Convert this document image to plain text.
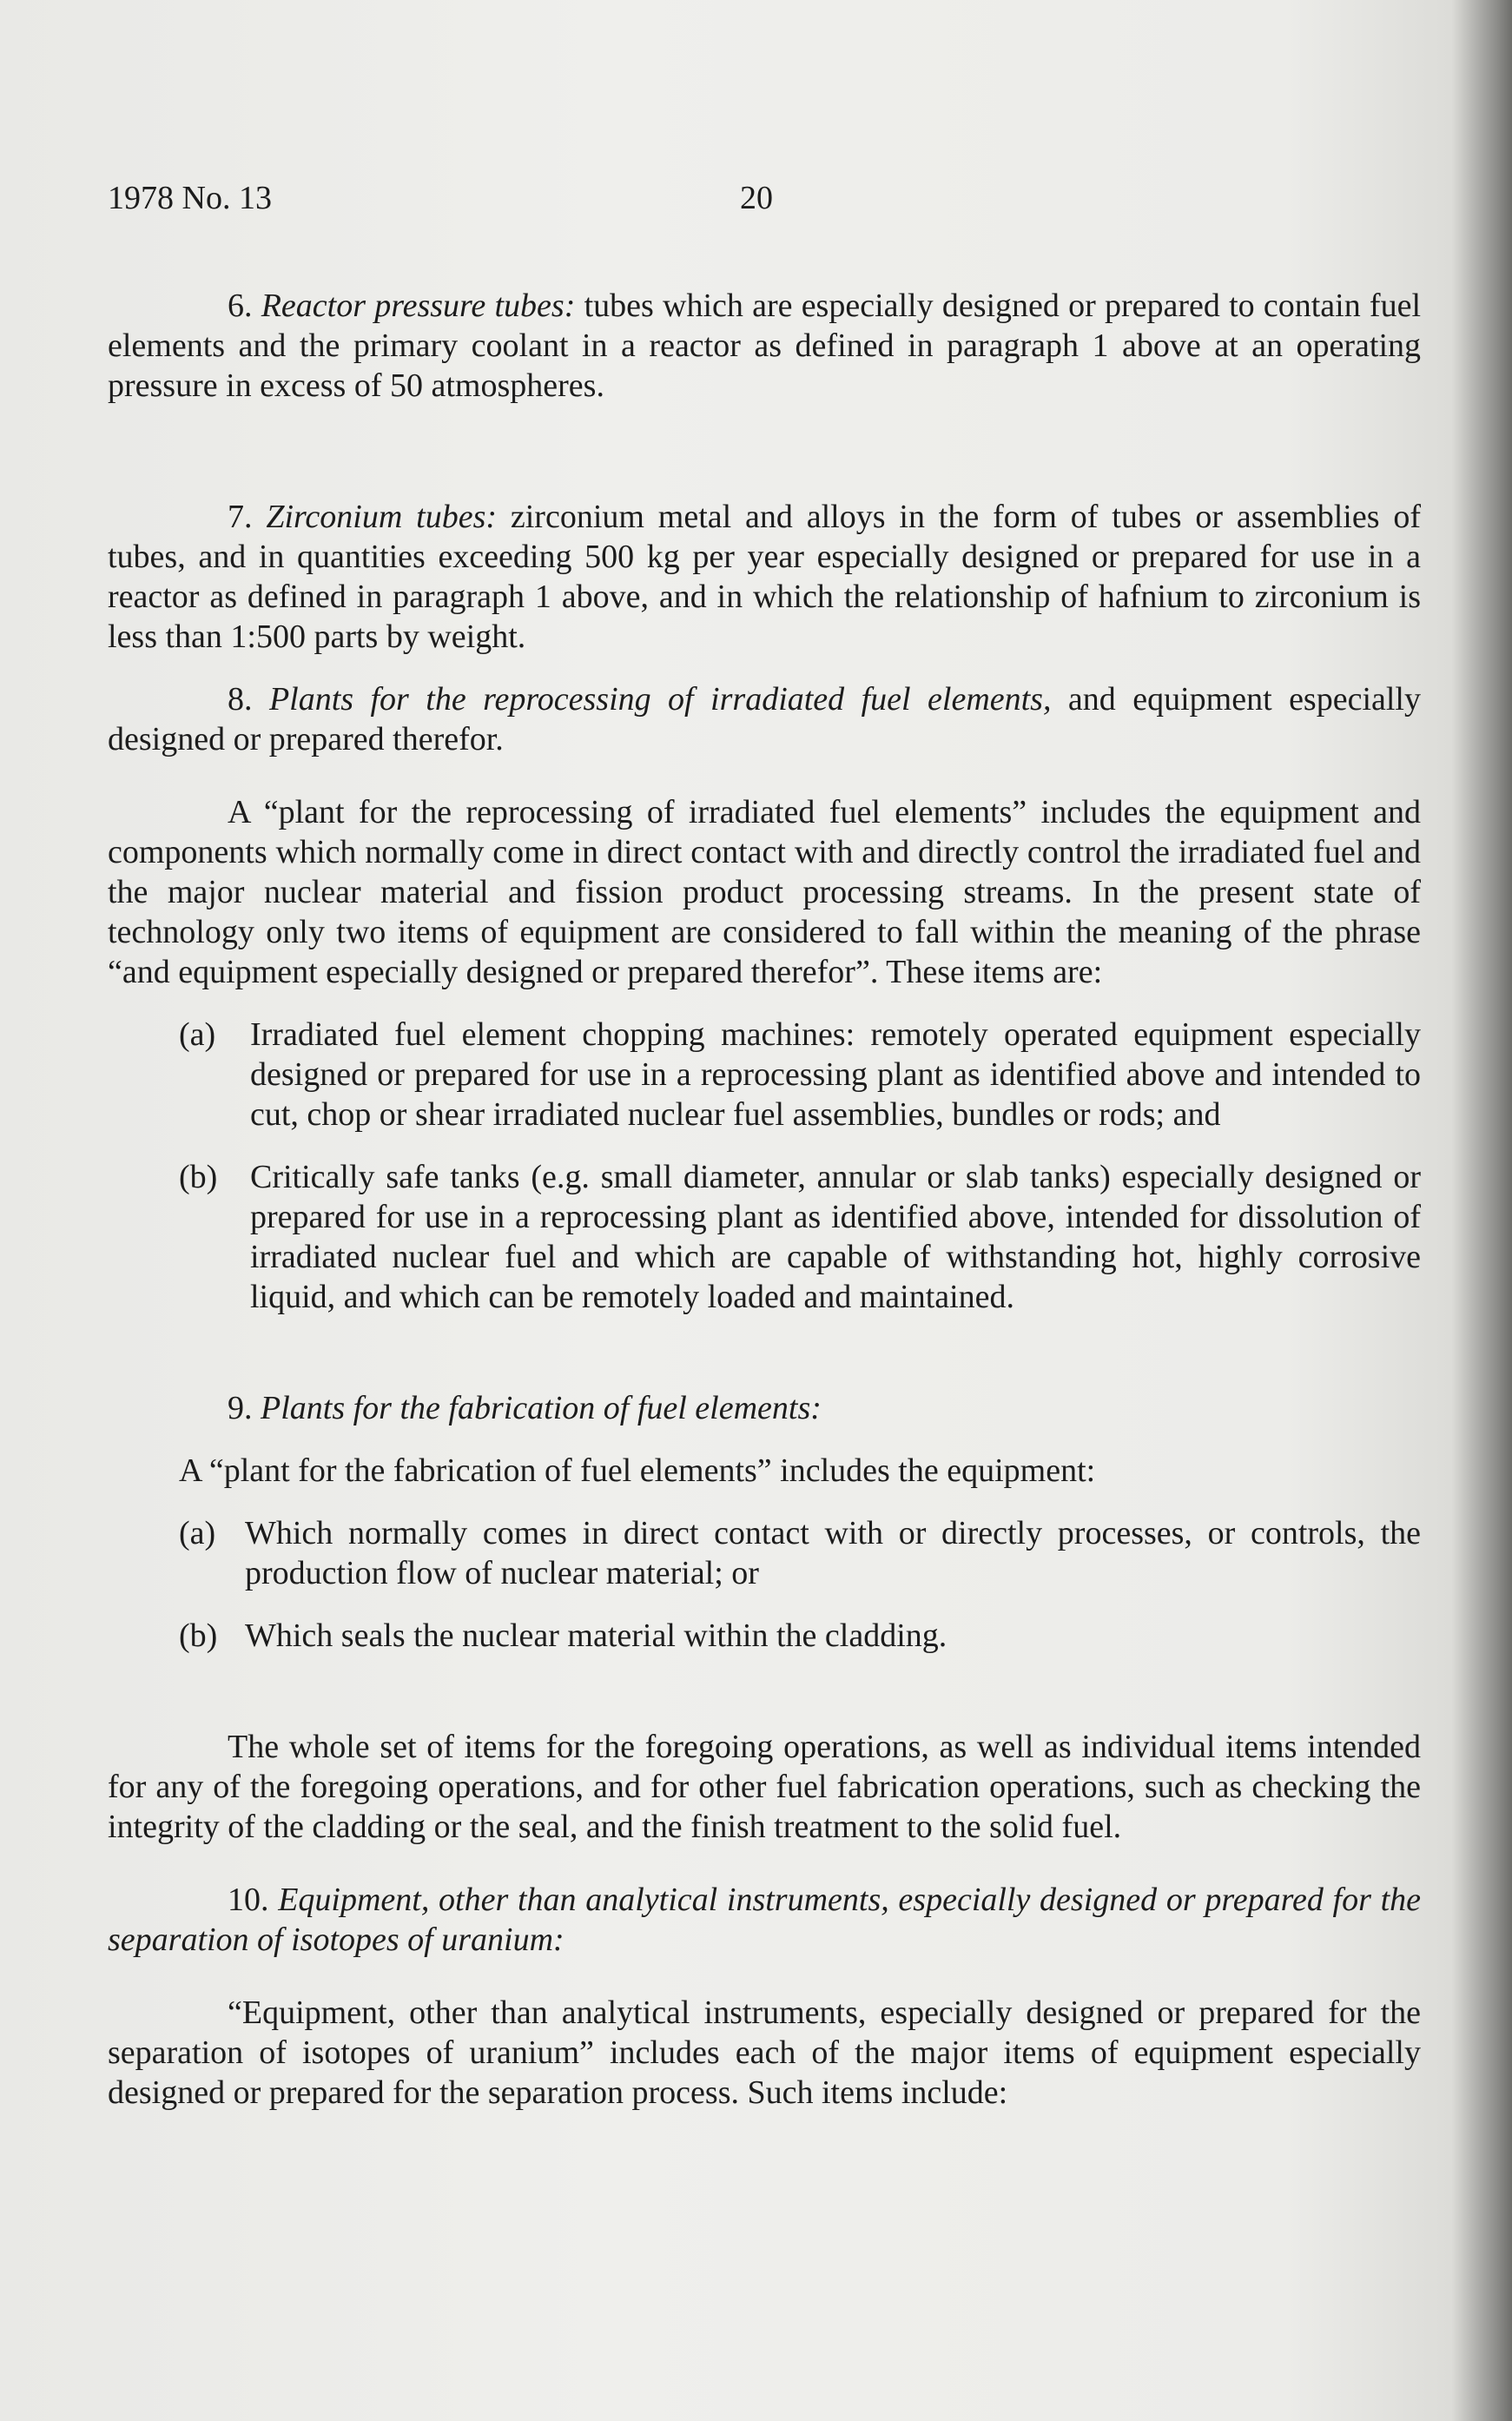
1978 No. 13	20

6. Reactor pressure tubes: tubes which are especially designed or prepared to contain fuel elements and the primary coolant in a reactor as defined in paragraph 1 above at an operating pressure in excess of 50 atmospheres.

7. Zirconium tubes: zirconium metal and alloys in the form of tubes or assemblies of tubes, and in quantities exceeding 500 kg per year especially designed or prepared for use in a reactor as defined in paragraph 1 above, and in which the relationship of hafnium to zirconium is less than 1:500 parts by weight.

8. Plants for the reprocessing of irradiated fuel elements, and equipment especially designed or prepared therefor.

A “plant for the reprocessing of irradiated fuel elements” includes the equipment and components which normally come in direct contact with and directly control the irradiated fuel and the major nuclear material and fission product processing streams. In the present state of technology only two items of equipment are considered to fall within the meaning of the phrase “and equipment especially designed or prepared therefor”. These items are:

(a) Irradiated fuel element chopping machines: remotely operated equipment especially designed or prepared for use in a reprocessing plant as identified above and intended to cut, chop or shear irradiated nuclear fuel assemblies, bundles or rods; and
(b) Critically safe tanks (e.g. small diameter, annular or slab tanks) especially designed or prepared for use in a reprocessing plant as identified above, intended for dissolution of irradiated nuclear fuel and which are capable of withstanding hot, highly corrosive liquid, and which can be remotely loaded and maintained.

9. Plants for the fabrication of fuel elements:

A “plant for the fabrication of fuel elements” includes the equipment:

(a) Which normally comes in direct contact with or directly processes, or controls, the production flow of nuclear material; or
(b) Which seals the nuclear material within the cladding.

The whole set of items for the foregoing operations, as well as individual items intended for any of the foregoing operations, and for other fuel fabrication operations, such as checking the integrity of the cladding or the seal, and the finish treatment to the solid fuel.

10. Equipment, other than analytical instruments, especially designed or prepared for the separation of isotopes of uranium:

“Equipment, other than analytical instruments, especially designed or prepared for the separation of isotopes of uranium” includes each of the major items of equipment especially designed or prepared for the separation process. Such items include:
